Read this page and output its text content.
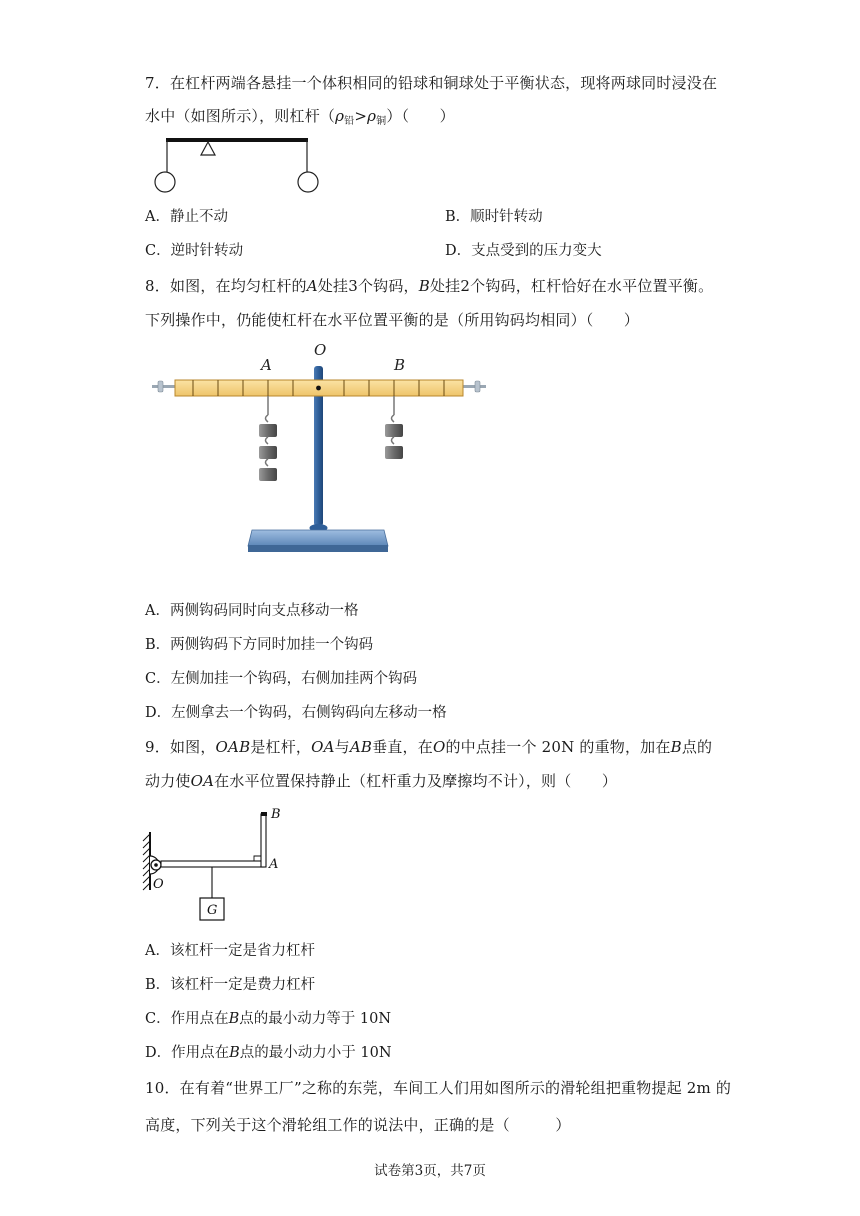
7．在杠杆两端各悬挂一个体积相同的铅球和铜球处于平衡状态，现将两球同时浸没在
水中（如图所示），则杠杆$(\rho_铅>\rho_铜)$（　　）
A．静止不动	B．顺时针转动
C．逆时针转动	D．支点受到的压力变大
8．如图，在均匀杠杆的A处挂3个钩码，B处挂2个钩码，杠杆恰好在水平位置平衡。
下列操作中，仍能使杠杆在水平位置平衡的是（所用钩码均相同）（　　）
O
A	B
A．两侧钩码同时向支点移动一格
B．两侧钩码下方同时加挂一个钩码
C．左侧加挂一个钩码，右侧加挂两个钩码
D．左侧拿去一个钩码，右侧钩码向左移动一格
9．如图，OAB是杠杆，OA与AB垂直，在O的中点挂一个 20N 的重物，加在B点的
动力使OA在水平位置保持静止（杠杆重力及摩擦均不计），则（　　）
G
B
A
O
A．该杠杆一定是省力杠杆
B．该杠杆一定是费力杠杆
C．作用点在B点的最小动力等于 10N
D．作用点在B点的最小动力小于 10N
10．在有着“世界工厂”之称的东莞，车间工人们用如图所示的滑轮组把重物提起 2m 的
高度，下列关于这个滑轮组工作的说法中，正确的是（　　　）
试卷第3页，共7页
